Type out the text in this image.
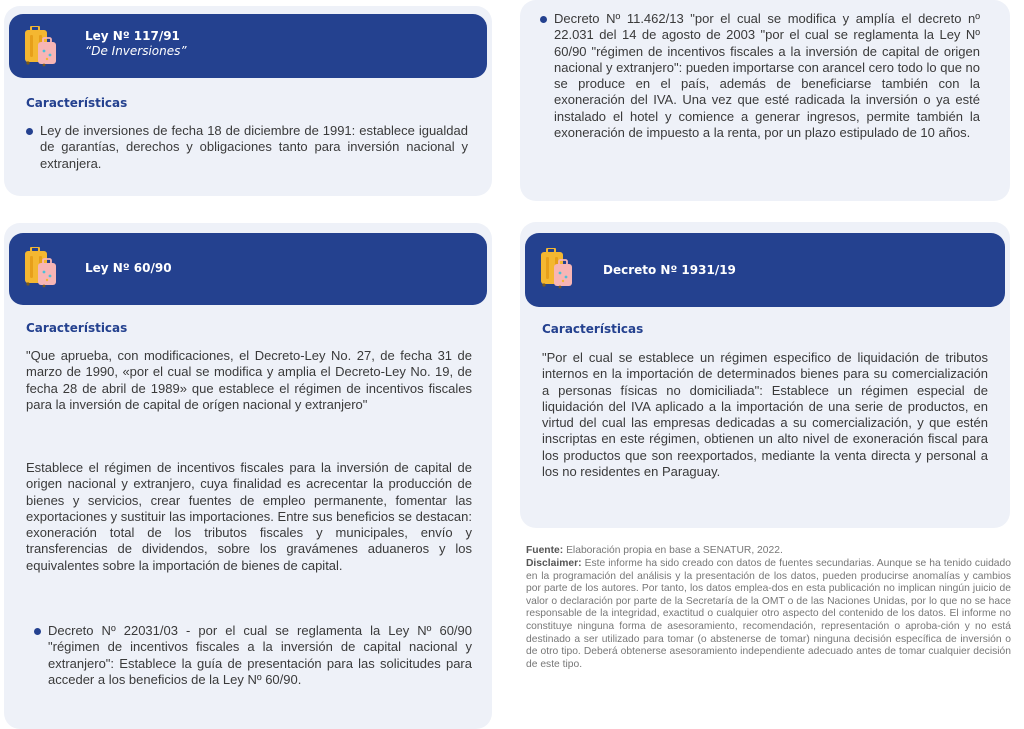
Ley Nº 117/91
“De Inversiones”
Características
Ley de inversiones de fecha 18 de diciembre de 1991: establece igualdad de garantías, derechos y obligaciones tanto para inversión nacional y extranjera.
Decreto Nº 11.462/13 "por el cual se modifica y amplía el decreto nº 22.031 del 14 de agosto de 2003 "por el cual se reglamenta la Ley Nº 60/90 "régimen de incentivos fiscales a la inversión de capital de origen nacional y extranjero": pueden importarse con arancel cero todo lo que no se produce en el país, además de beneficiarse también con la exoneración del IVA. Una vez que esté radicada la inversión o ya esté instalado el hotel y comience a generar ingresos, permite también la exoneración de impuesto a la renta, por un plazo estipulado de 10 años.
Ley Nº 60/90
Características
"Que aprueba, con modificaciones, el Decreto-Ley No. 27, de fecha 31 de marzo de 1990, «por el cual se modifica y amplia el Decreto-Ley No. 19, de fecha 28 de abril de 1989» que establece el régimen de incentivos fiscales para la inversión de capital de orígen nacional y extranjero"
Establece el régimen de incentivos fiscales para la inversión de capital de origen nacional y extranjero, cuya finalidad es acrecentar la producción de bienes y servicios, crear fuentes de empleo permanente, fomentar las exportaciones y sustituir las importaciones. Entre sus beneficios se destacan: exoneración total de los tributos fiscales y municipales, envío y transferencias de dividendos, sobre los gravámenes aduaneros y los equivalentes sobre la importación de bienes de capital.
Decreto Nº 22031/03 - por el cual se reglamenta la Ley Nº 60/90 "régimen de incentivos fiscales a la inversión de capital nacional y extranjero": Establece la guía de presentación para las solicitudes para acceder a los beneficios de la Ley Nº 60/90.
Decreto Nº 1931/19
Características
"Por el cual se establece un régimen especifico de liquidación de tributos internos en la importación de determinados bienes para su comercialización a personas físicas no domiciliada": Establece un régimen especial de liquidación del IVA aplicado a la importación de una serie de productos, en virtud del cual las empresas dedicadas a su comercialización, y que estén inscriptas en este régimen, obtienen un alto nivel de exoneración fiscal para los productos que son reexportados, mediante la venta directa y personal a los no residentes en Paraguay.
Fuente: Elaboración propia en base a SENATUR, 2022.
Disclaimer: Este informe ha sido creado con datos de fuentes secundarias. Aunque se ha tenido cuidado en la programación del análisis y la presentación de los datos, pueden producirse anomalías y cambios por parte de los autores. Por tanto, los datos emplea-dos en esta publicación no implican ningún juicio de valor o declaración por parte de la Secretaría de la OMT o de las Naciones Unidas, por lo que no se hace responsable de la integridad, exactitud o cualquier otro aspecto del contenido de los datos. El informe no constituye ninguna forma de asesoramiento, recomendación, representación o aproba-ción y no está destinado a ser utilizado para tomar (o abstenerse de tomar) ninguna decisión específica de inversión o de otro tipo. Deberá obtenerse asesoramiento independiente adecuado antes de tomar cualquier decisión de este tipo.
